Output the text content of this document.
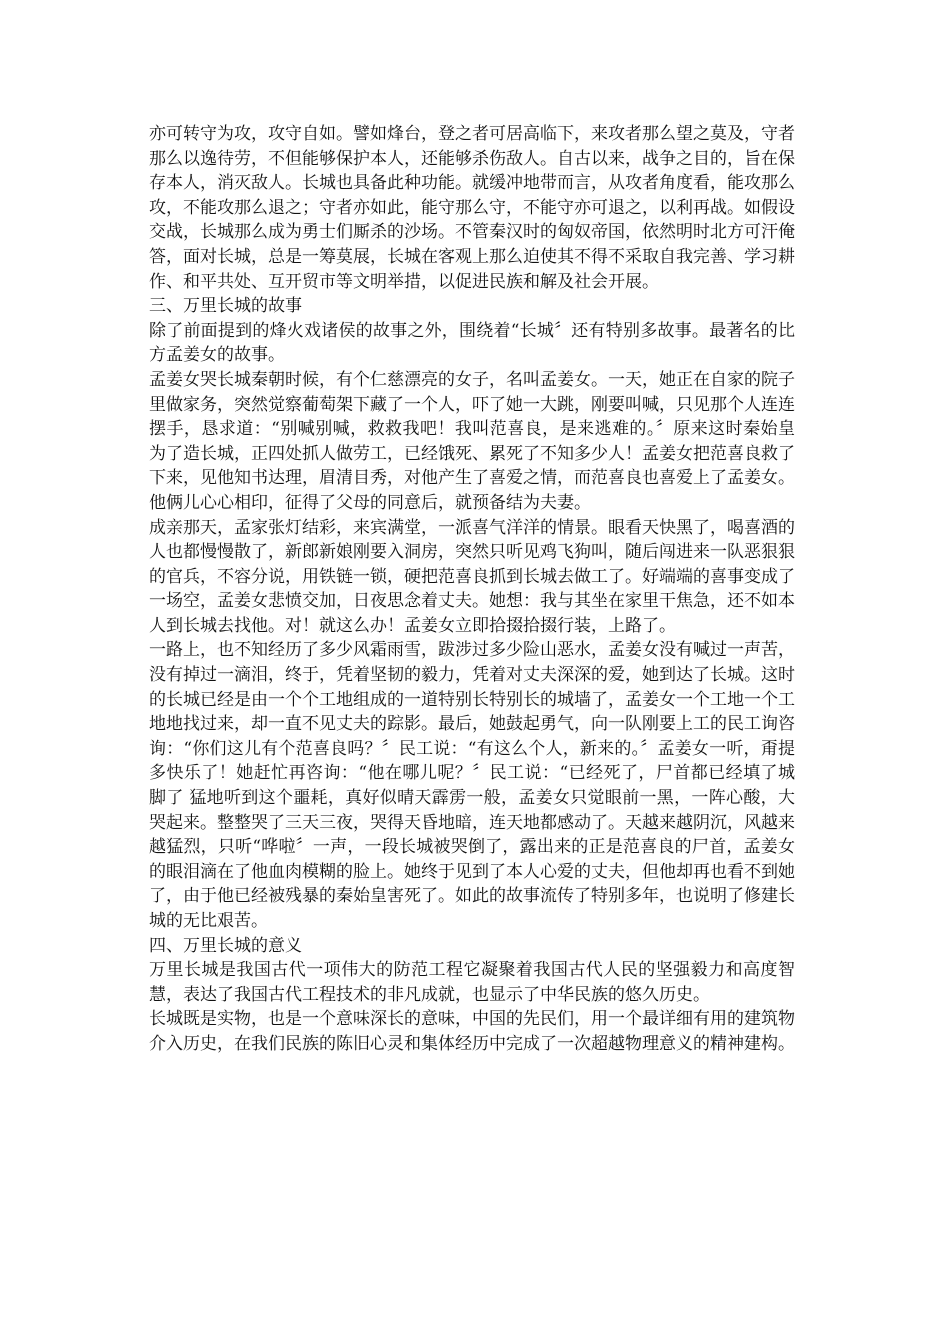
亦可转守为攻，攻守自如。譬如烽台，登之者可居高临下，来攻者那么望之莫及，守者那么以逸待劳，不但能够保护本人，还能够杀伤敌人。自古以来，战争之目的，旨在保存本人，消灭敌人。长城也具备此种功能。就缓冲地带而言，从攻者角度看，能攻那么攻，不能攻那么退之；守者亦如此，能守那么守，不能守亦可退之，以利再战。如假设交战，长城那么成为勇士们厮杀的沙场。不管秦汉时的匈奴帝国，依然明时北方可汗俺答，面对长城，总是一筹莫展，长城在客观上那么迫使其不得不采取自我完善、学习耕作、和平共处、互开贸市等文明举措，以促进民族和解及社会开展。

三、万里长城的故事

除了前面提到的烽火戏诸侯的故事之外，围绕着“长城〞还有特别多故事。最著名的比方孟姜女的故事。

孟姜女哭长城秦朝时候，有个仁慈漂亮的女子，名叫孟姜女。一天，她正在自家的院子里做家务，突然觉察葡萄架下藏了一个人，吓了她一大跳，刚要叫喊，只见那个人连连摆手，恳求道：“别喊别喊，救救我吧！我叫范喜良，是来逃难的。〞原来这时秦始皇为了造长城，正四处抓人做劳工，已经饿死、累死了不知多少人！孟姜女把范喜良救了下来，见他知书达理，眉清目秀，对他产生了喜爱之情，而范喜良也喜爱上了孟姜女。他俩儿心心相印，征得了父母的同意后，就预备结为夫妻。

成亲那天，孟家张灯结彩，来宾满堂，一派喜气洋洋的情景。眼看天快黑了，喝喜酒的人也都慢慢散了，新郎新娘刚要入洞房，突然只听见鸡飞狗叫，随后闯进来一队恶狠狠的官兵，不容分说，用铁链一锁，硬把范喜良抓到长城去做工了。好端端的喜事变成了一场空，孟姜女悲愤交加，日夜思念着丈夫。她想：我与其坐在家里干焦急，还不如本人到长城去找他。对！就这么办！孟姜女立即拾掇拾掇行装，上路了。

一路上，也不知经历了多少风霜雨雪，跋涉过多少险山恶水，孟姜女没有喊过一声苦，没有掉过一滴泪，终于，凭着坚韧的毅力，凭着对丈夫深深的爱，她到达了长城。这时的长城已经是由一个个工地组成的一道特别长特别长的城墙了，孟姜女一个工地一个工地地找过来，却一直不见丈夫的踪影。最后，她鼓起勇气，向一队刚要上工的民工询咨询：“你们这儿有个范喜良吗？〞民工说：“有这么个人，新来的。〞孟姜女一听，甭提多快乐了！她赶忙再咨询：“他在哪儿呢？〞民工说：“已经死了，尸首都已经填了城脚了 猛地听到这个噩耗，真好似晴天霹雳一般，孟姜女只觉眼前一黑，一阵心酸，大哭起来。整整哭了三天三夜，哭得天昏地暗，连天地都感动了。天越来越阴沉，风越来越猛烈，只听“哗啦〞一声，一段长城被哭倒了，露出来的正是范喜良的尸首，孟姜女的眼泪滴在了他血肉模糊的脸上。她终于见到了本人心爱的丈夫，但他却再也看不到她了，由于他已经被残暴的秦始皇害死了。如此的故事流传了特别多年，也说明了修建长城的无比艰苦。

四、万里长城的意义

万里长城是我国古代一项伟大的防范工程它凝聚着我国古代人民的坚强毅力和高度智慧，表达了我国古代工程技术的非凡成就，也显示了中华民族的悠久历史。

长城既是实物，也是一个意味深长的意味，中国的先民们，用一个最详细有用的建筑物介入历史，在我们民族的陈旧心灵和集体经历中完成了一次超越物理意义的精神建构。
